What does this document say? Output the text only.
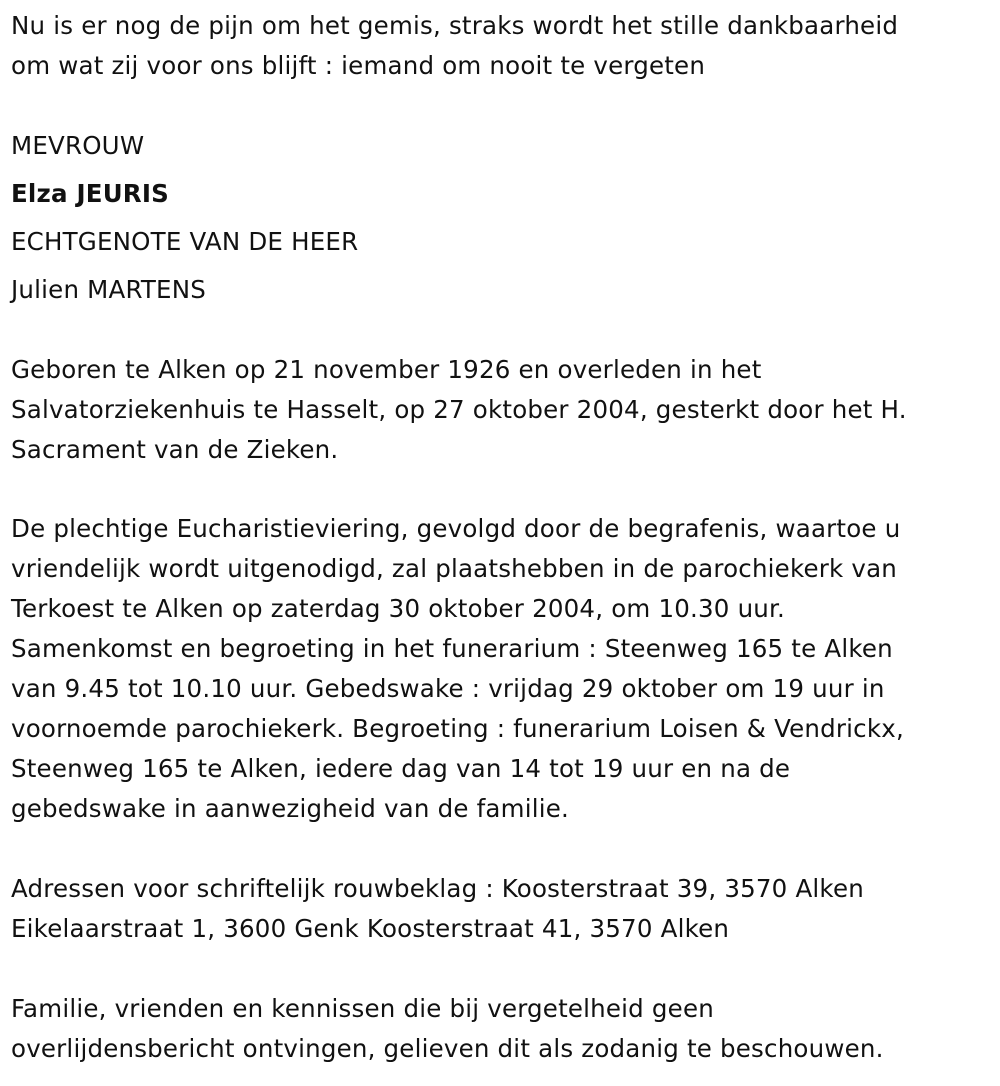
Nu is er nog de pijn om het gemis, straks wordt het stille dankbaarheid
om wat zij voor ons blijft : iemand om nooit te vergeten
MEVROUW
Elza JEURIS
ECHTGENOTE VAN DE HEER
Julien MARTENS
Geboren te Alken op 21 november 1926 en overleden in het
Salvatorziekenhuis te Hasselt, op 27 oktober 2004, gesterkt door het H.
Sacrament van de Zieken.
De plechtige Eucharistieviering, gevolgd door de begrafenis, waartoe u
vriendelijk wordt uitgenodigd, zal plaatshebben in de parochiekerk van
Terkoest te Alken op zaterdag 30 oktober 2004, om 10.30 uur.
Samenkomst en begroeting in het funerarium : Steenweg 165 te Alken
van 9.45 tot 10.10 uur. Gebedswake : vrijdag 29 oktober om 19 uur in
voornoemde parochiekerk. Begroeting : funerarium Loisen & Vendrickx,
Steenweg 165 te Alken, iedere dag van 14 tot 19 uur en na de
gebedswake in aanwezigheid van de familie.
Adressen voor schriftelijk rouwbeklag : Koosterstraat 39, 3570 Alken
Eikelaarstraat 1, 3600 Genk Koosterstraat 41, 3570 Alken
Familie, vrienden en kennissen die bij vergetelheid geen
overlijdensbericht ontvingen, gelieven dit als zodanig te beschouwen.
